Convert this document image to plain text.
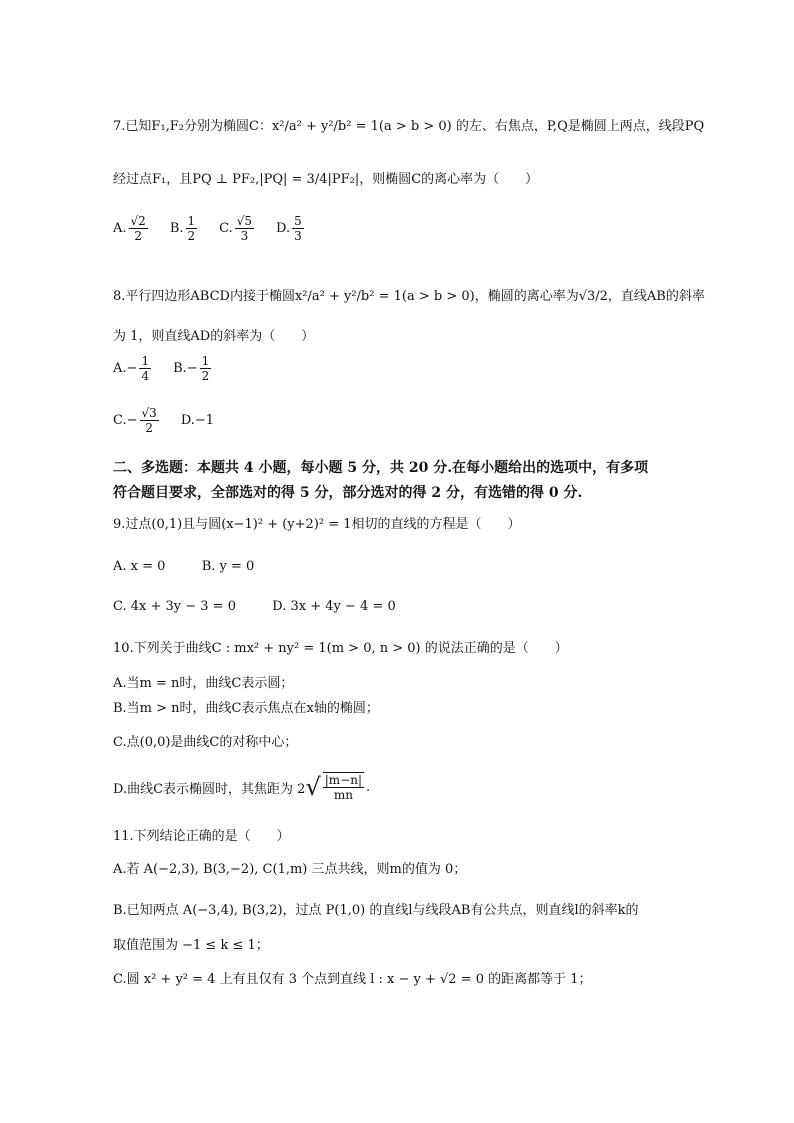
7.已知F₁,F₂分别为椭圆C：x²/a² + y²/b² = 1(a > b > 0) 的左、右焦点，P,Q是椭圆上两点，线段PQ
经过点F₁，且PQ ⊥ PF₂,|PQ| = 3/4|PF₂|，则椭圆C的离心率为（　　）
A. $\frac{√2}{2} B$. $\frac{1}{2} C$. $\frac{√5}{3} D$. $\frac{5}{3}$
8.平行四边形ABCD内接于椭圆x²/a² + y²/b² = 1(a > b > 0)，椭圆的离心率为√3/2，直线AB的斜率
为 1，则直线AD的斜率为（　　）
A. − $\frac{1}{4} B$. − $\frac{1}{2}$
C. − $\frac{√3}{2} D$. −1
二、多选题：本题共 4 小题，每小题 5 分，共 20 分.在每小题给出的选项中，有多项
符合题目要求，全部选对的得 5 分，部分选对的得 2 分，有选错的得 0 分.
9.过点(0,1)且与圆(x−1)² + (y+2)² = 1相切的直线的方程是（　　）
A. x = 0	B. y = 0
C. 4x + 3y − 3 = 0	D. 3x + 4y − 4 = 0
10.下列关于曲线C : mx² + ny² = 1(m > 0, n > 0) 的说法正确的是（　　）
A.当m = n时，曲线C表示圆；
B.当m > n时，曲线C表示焦点在x轴的椭圆；
C.点(0,0)是曲线C的对称中心；
D.曲线C表示椭圆时，其焦距为 2 √ $\frac{|m-n|}{mn}$ .
11.下列结论正确的是（　　）
A.若 A(−2,3), B(3,−2), C(1,m) 三点共线，则m的值为 0；
B.已知两点 A(−3,4), B(3,2)，过点 P(1,0) 的直线l与线段AB有公共点，则直线l的斜率k的
取值范围为 −1 ≤ k ≤ 1；
C.圆 x² + y² = 4 上有且仅有 3 个点到直线 l : x − y + √2 = 0 的距离都等于 1；
